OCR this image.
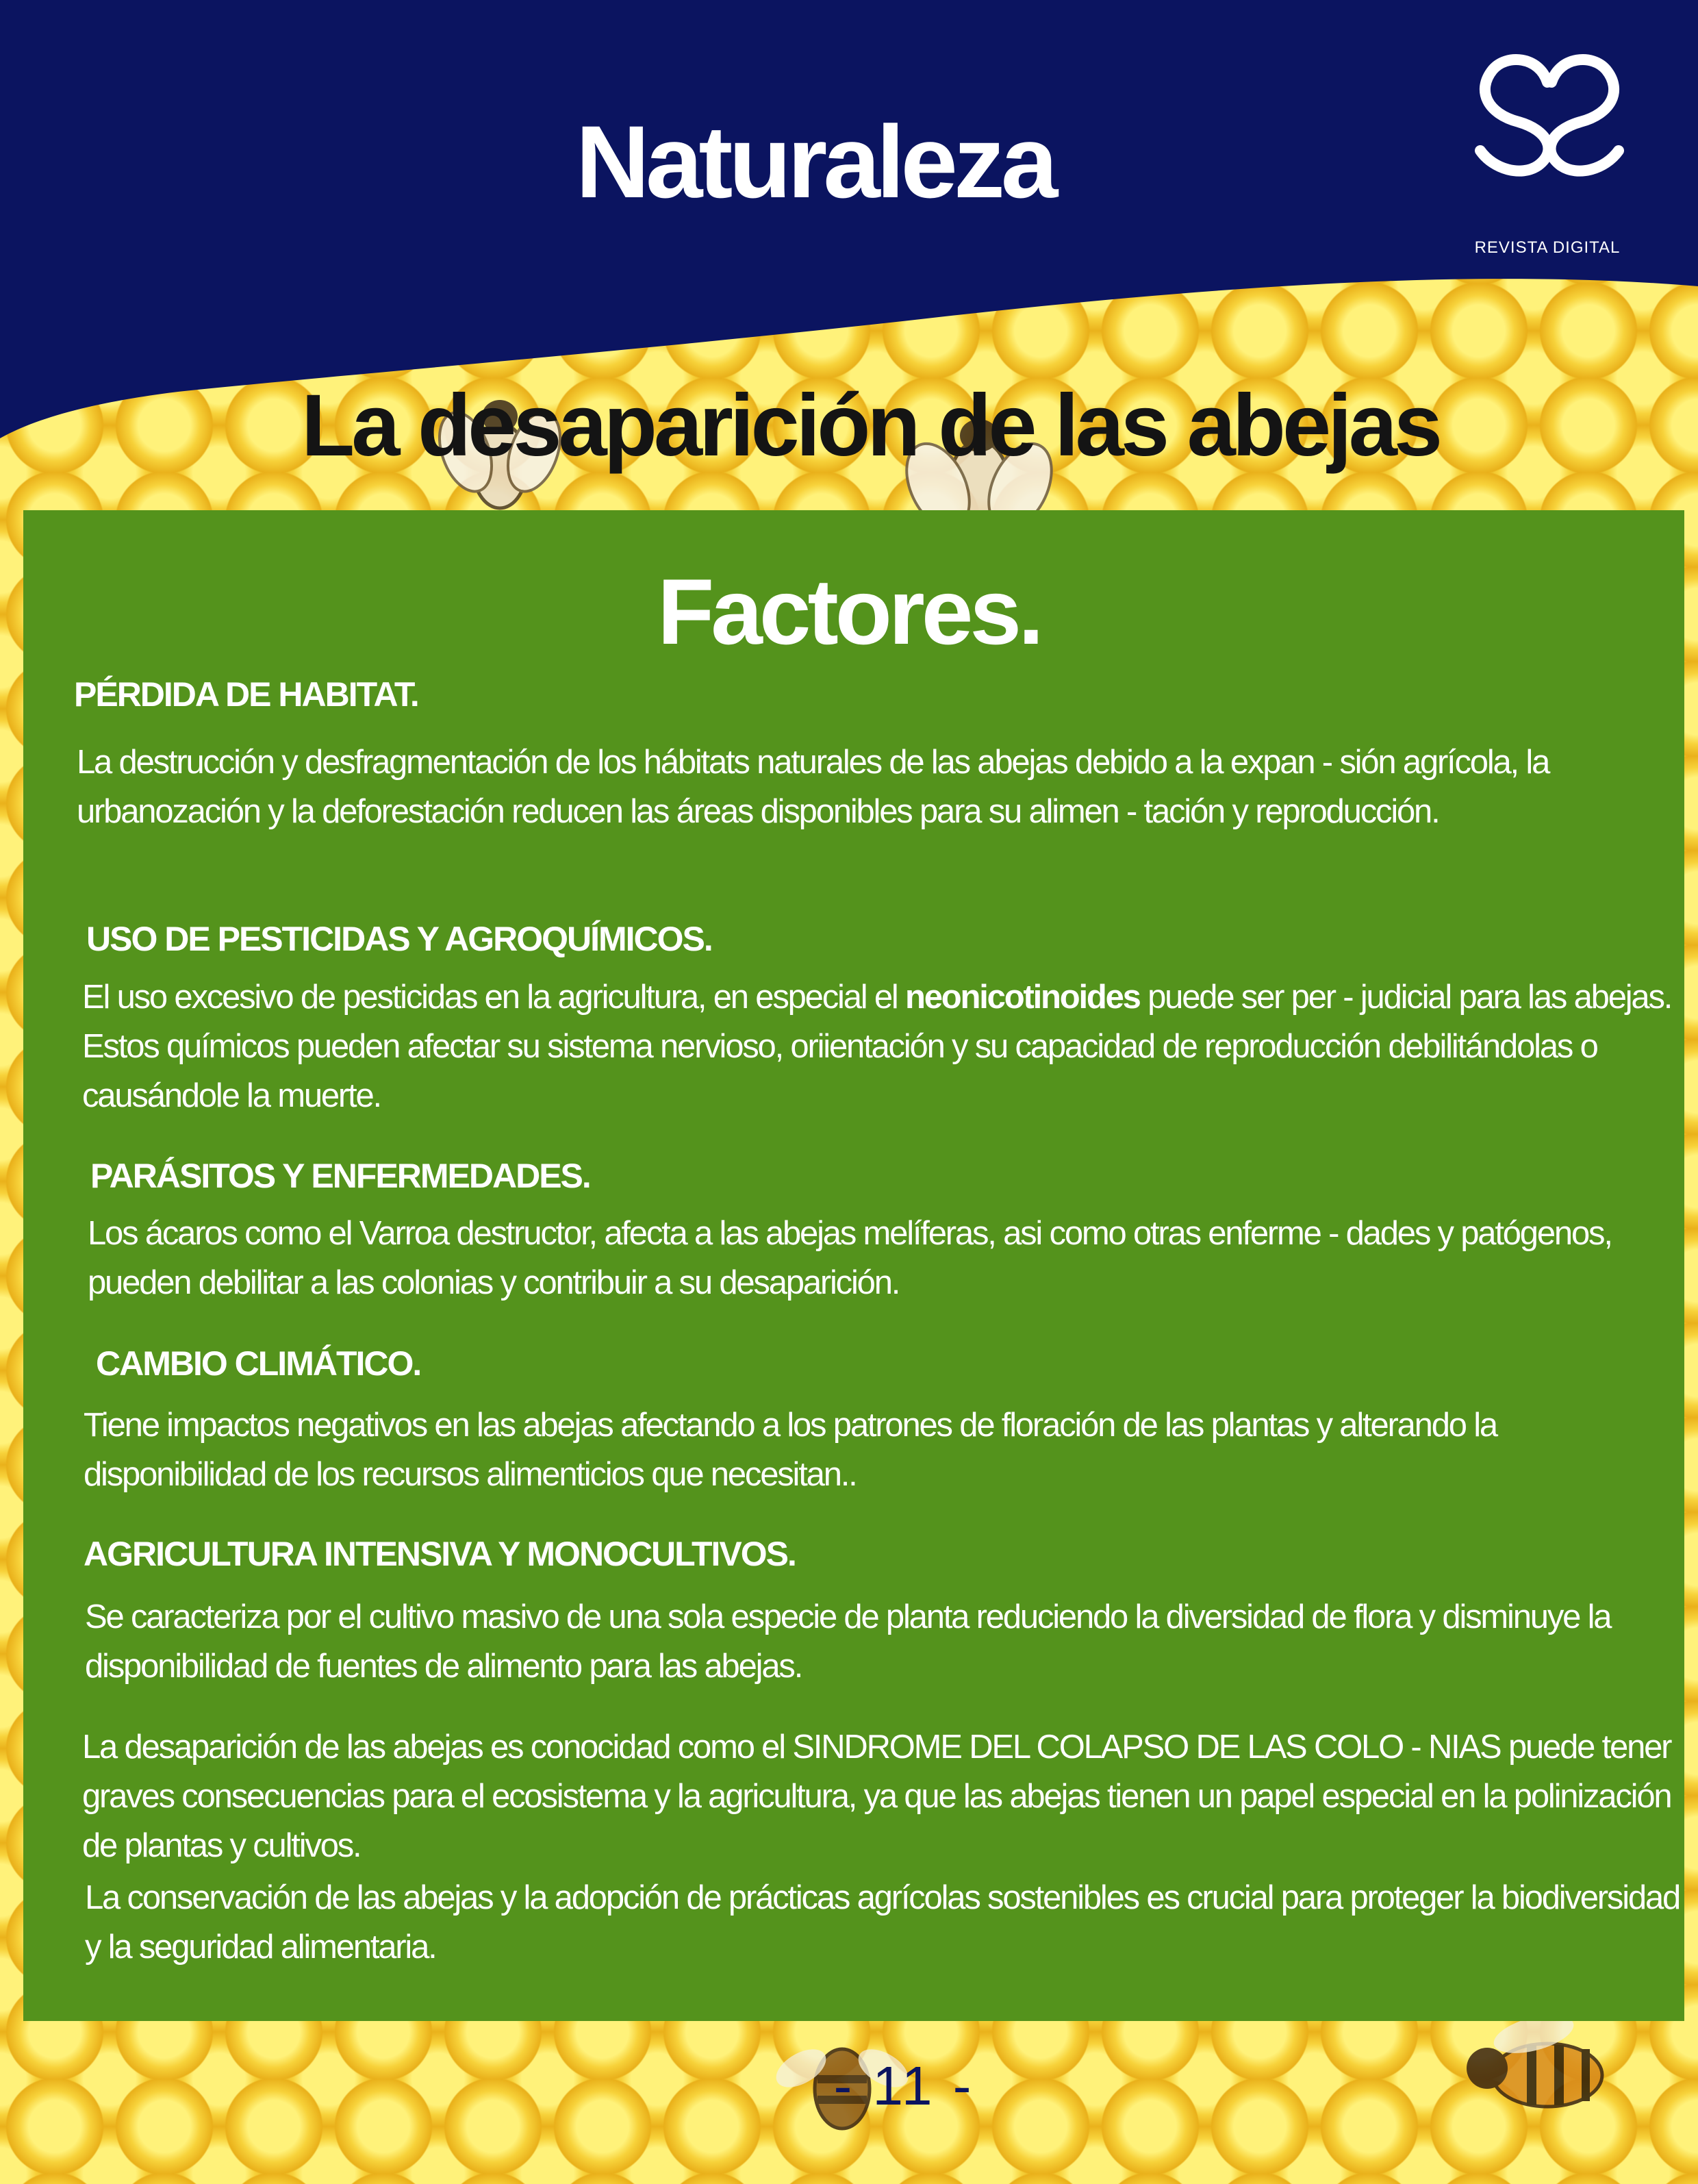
Naturaleza
REVISTA DIGITAL
La desaparición de las abejas
Factores.
PÉRDIDA DE HABITAT.
La destrucción y desfragmentación de los hábitats naturales de las abejas debido a la expan - sión agrícola, la urbanozación y la deforestación reducen las áreas disponibles para su alimen - tación y reproducción.
USO DE PESTICIDAS Y AGROQUÍMICOS.
El uso excesivo de pesticidas en la agricultura, en especial el neonicotinoides puede ser per - judicial para las abejas. Estos químicos pueden afectar su sistema nervioso, oriientación y su capacidad de reproducción debilitándolas o causándole la muerte.
PARÁSITOS Y ENFERMEDADES.
Los ácaros como el Varroa destructor, afecta a las abejas melíferas, asi como otras enferme - dades y patógenos, pueden debilitar a las colonias y contribuir a su desaparición.
CAMBIO CLIMÁTICO.
Tiene impactos negativos en las abejas afectando a los patrones de floración de las plantas y alterando la disponibilidad de los recursos alimenticios que necesitan..
AGRICULTURA INTENSIVA Y MONOCULTIVOS.
Se caracteriza por el cultivo masivo de una sola especie de planta reduciendo la diversidad de flora y disminuye la disponibilidad de fuentes de alimento para las abejas.
La desaparición de las abejas es conocidad como el SINDROME DEL COLAPSO DE LAS COLO - NIAS puede tener graves consecuencias para el ecosistema y la agricultura, ya que las abejas tienen un papel especial en la polinización de plantas y cultivos.
La conservación de las abejas y la adopción de prácticas agrícolas sostenibles es crucial para proteger la biodiversidad y la seguridad alimentaria.
- 11 -
